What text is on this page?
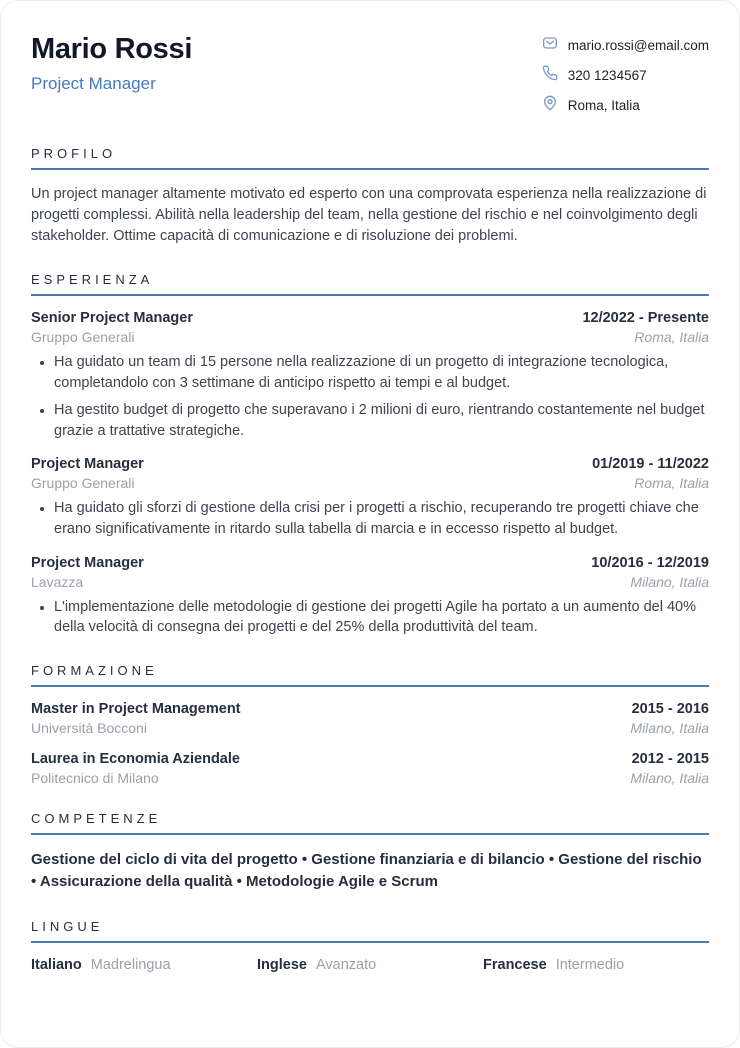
Mario Rossi
Project Manager
mario.rossi@email.com
320 1234567
Roma, Italia
PROFILO

Un project manager altamente motivato ed esperto con una comprovata esperienza nella realizzazione di progetti complessi. Abilità nella leadership del team, nella gestione del rischio e nel coinvolgimento degli stakeholder. Ottime capacità di comunicazione e di risoluzione dei problemi.

ESPERIENZA
Senior Project Manager	12/2022 - Presente
Gruppo Generali	Roma, Italia
• Ha guidato un team di 15 persone nella realizzazione di un progetto di integrazione tecnologica, completandolo con 3 settimane di anticipo rispetto ai tempi e al budget.
• Ha gestito budget di progetto che superavano i 2 milioni di euro, rientrando costantemente nel budget grazie a trattative strategiche.
Project Manager	01/2019 - 11/2022
Gruppo Generali	Roma, Italia
• Ha guidato gli sforzi di gestione della crisi per i progetti a rischio, recuperando tre progetti chiave che erano significativamente in ritardo sulla tabella di marcia e in eccesso rispetto al budget.
Project Manager	10/2016 - 12/2019
Lavazza	Milano, Italia
• L'implementazione delle metodologie di gestione dei progetti Agile ha portato a un aumento del 40% della velocità di consegna dei progetti e del 25% della produttività del team.
FORMAZIONE
Master in Project Management	2015 - 2016
Università Bocconi	Milano, Italia
Laurea in Economia Aziendale	2012 - 2015
Politecnico di Milano	Milano, Italia
COMPETENZE

Gestione del ciclo di vita del progetto • Gestione finanziaria e di bilancio • Gestione del rischio • Assicurazione della qualità • Metodologie Agile e Scrum

LINGUE
Italiano Madrelingua	Inglese Avanzato	Francese Intermedio
